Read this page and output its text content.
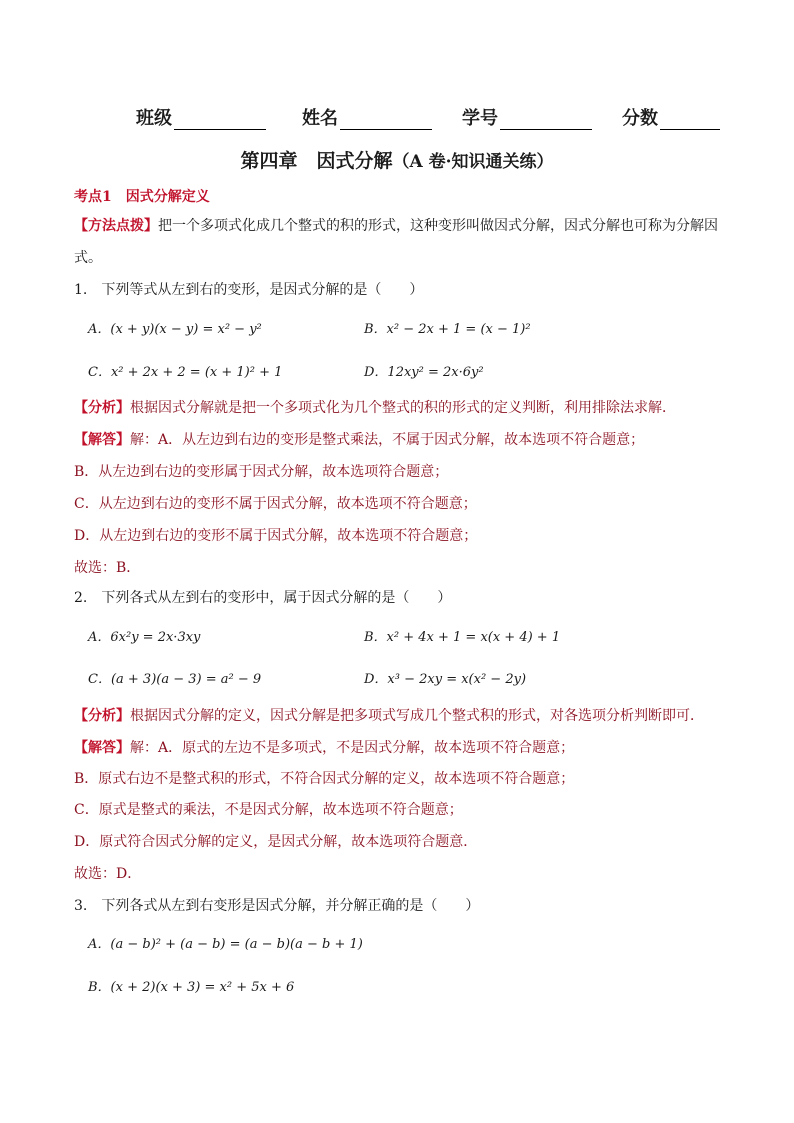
班级	姓名	学号	分数
第四章　因式分解（A 卷·知识通关练）
考点1　因式分解定义
【方法点拨】把一个多项式化成几个整式的积的形式，这种变形叫做因式分解，因式分解也可称为分解因
式。
1.　下列等式从左到右的变形，是因式分解的是（　　）
A．(x + y)(x − y) = x² − y²	B．x² − 2x + 1 = (x − 1)²
C．x² + 2x + 2 = (x + 1)² + 1	D．12xy² = 2x·6y²
【分析】根据因式分解就是把一个多项式化为几个整式的积的形式的定义判断，利用排除法求解．
【解答】解：A．从左边到右边的变形是整式乘法，不属于因式分解，故本选项不符合题意；
B．从左边到右边的变形属于因式分解，故本选项符合题意；
C．从左边到右边的变形不属于因式分解，故本选项不符合题意；
D．从左边到右边的变形不属于因式分解，故本选项不符合题意；
故选：B．
2.　下列各式从左到右的变形中，属于因式分解的是（　　）
A．6x²y = 2x·3xy	B．x² + 4x + 1 = x(x + 4) + 1
C．(a + 3)(a − 3) = a² − 9	D．x³ − 2xy = x(x² − 2y)
【分析】根据因式分解的定义，因式分解是把多项式写成几个整式积的形式，对各选项分析判断即可．
【解答】解：A．原式的左边不是多项式，不是因式分解，故本选项不符合题意；
B．原式右边不是整式积的形式，不符合因式分解的定义，故本选项不符合题意；
C．原式是整式的乘法，不是因式分解，故本选项不符合题意；
D．原式符合因式分解的定义，是因式分解，故本选项符合题意．
故选：D．
3.　下列各式从左到右变形是因式分解，并分解正确的是（　　）
A．(a − b)² + (a − b) = (a − b)(a − b + 1)
B．(x + 2)(x + 3) = x² + 5x + 6
